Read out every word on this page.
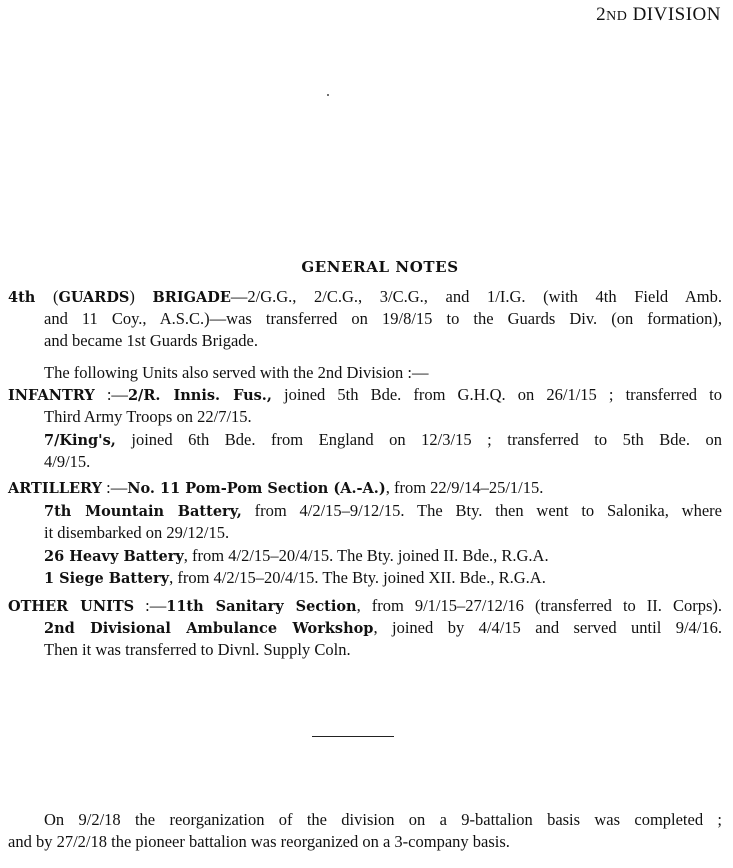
2ND DIVISION
GENERAL NOTES
4th (GUARDS) BRIGADE—2/G.G., 2/C.G., 3/C.G., and 1/I.G. (with 4th Field Amb.
and 11 Coy., A.S.C.)—was transferred on 19/8/15 to the Guards Div. (on formation),
and became 1st Guards Brigade.
The following Units also served with the 2nd Division :—
INFANTRY :—2/R. Innis. Fus., joined 5th Bde. from G.H.Q. on 26/1/15 ; transferred to
Third Army Troops on 22/7/15.
7/King's, joined 6th Bde. from England on 12/3/15 ; transferred to 5th Bde. on
4/9/15.
ARTILLERY :—No. 11 Pom-Pom Section (A.-A.), from 22/9/14–25/1/15.
7th Mountain Battery, from 4/2/15–9/12/15. The Bty. then went to Salonika, where
it disembarked on 29/12/15.
26 Heavy Battery, from 4/2/15–20/4/15. The Bty. joined II. Bde., R.G.A.
1 Siege Battery, from 4/2/15–20/4/15. The Bty. joined XII. Bde., R.G.A.
OTHER UNITS :—11th Sanitary Section, from 9/1/15–27/12/16 (transferred to II. Corps).
2nd Divisional Ambulance Workshop, joined by 4/4/15 and served until 9/4/16.
Then it was transferred to Divnl. Supply Coln.
On 9/2/18 the reorganization of the division on a 9-battalion basis was completed ;
and by 27/2/18 the pioneer battalion was reorganized on a 3-company basis.
